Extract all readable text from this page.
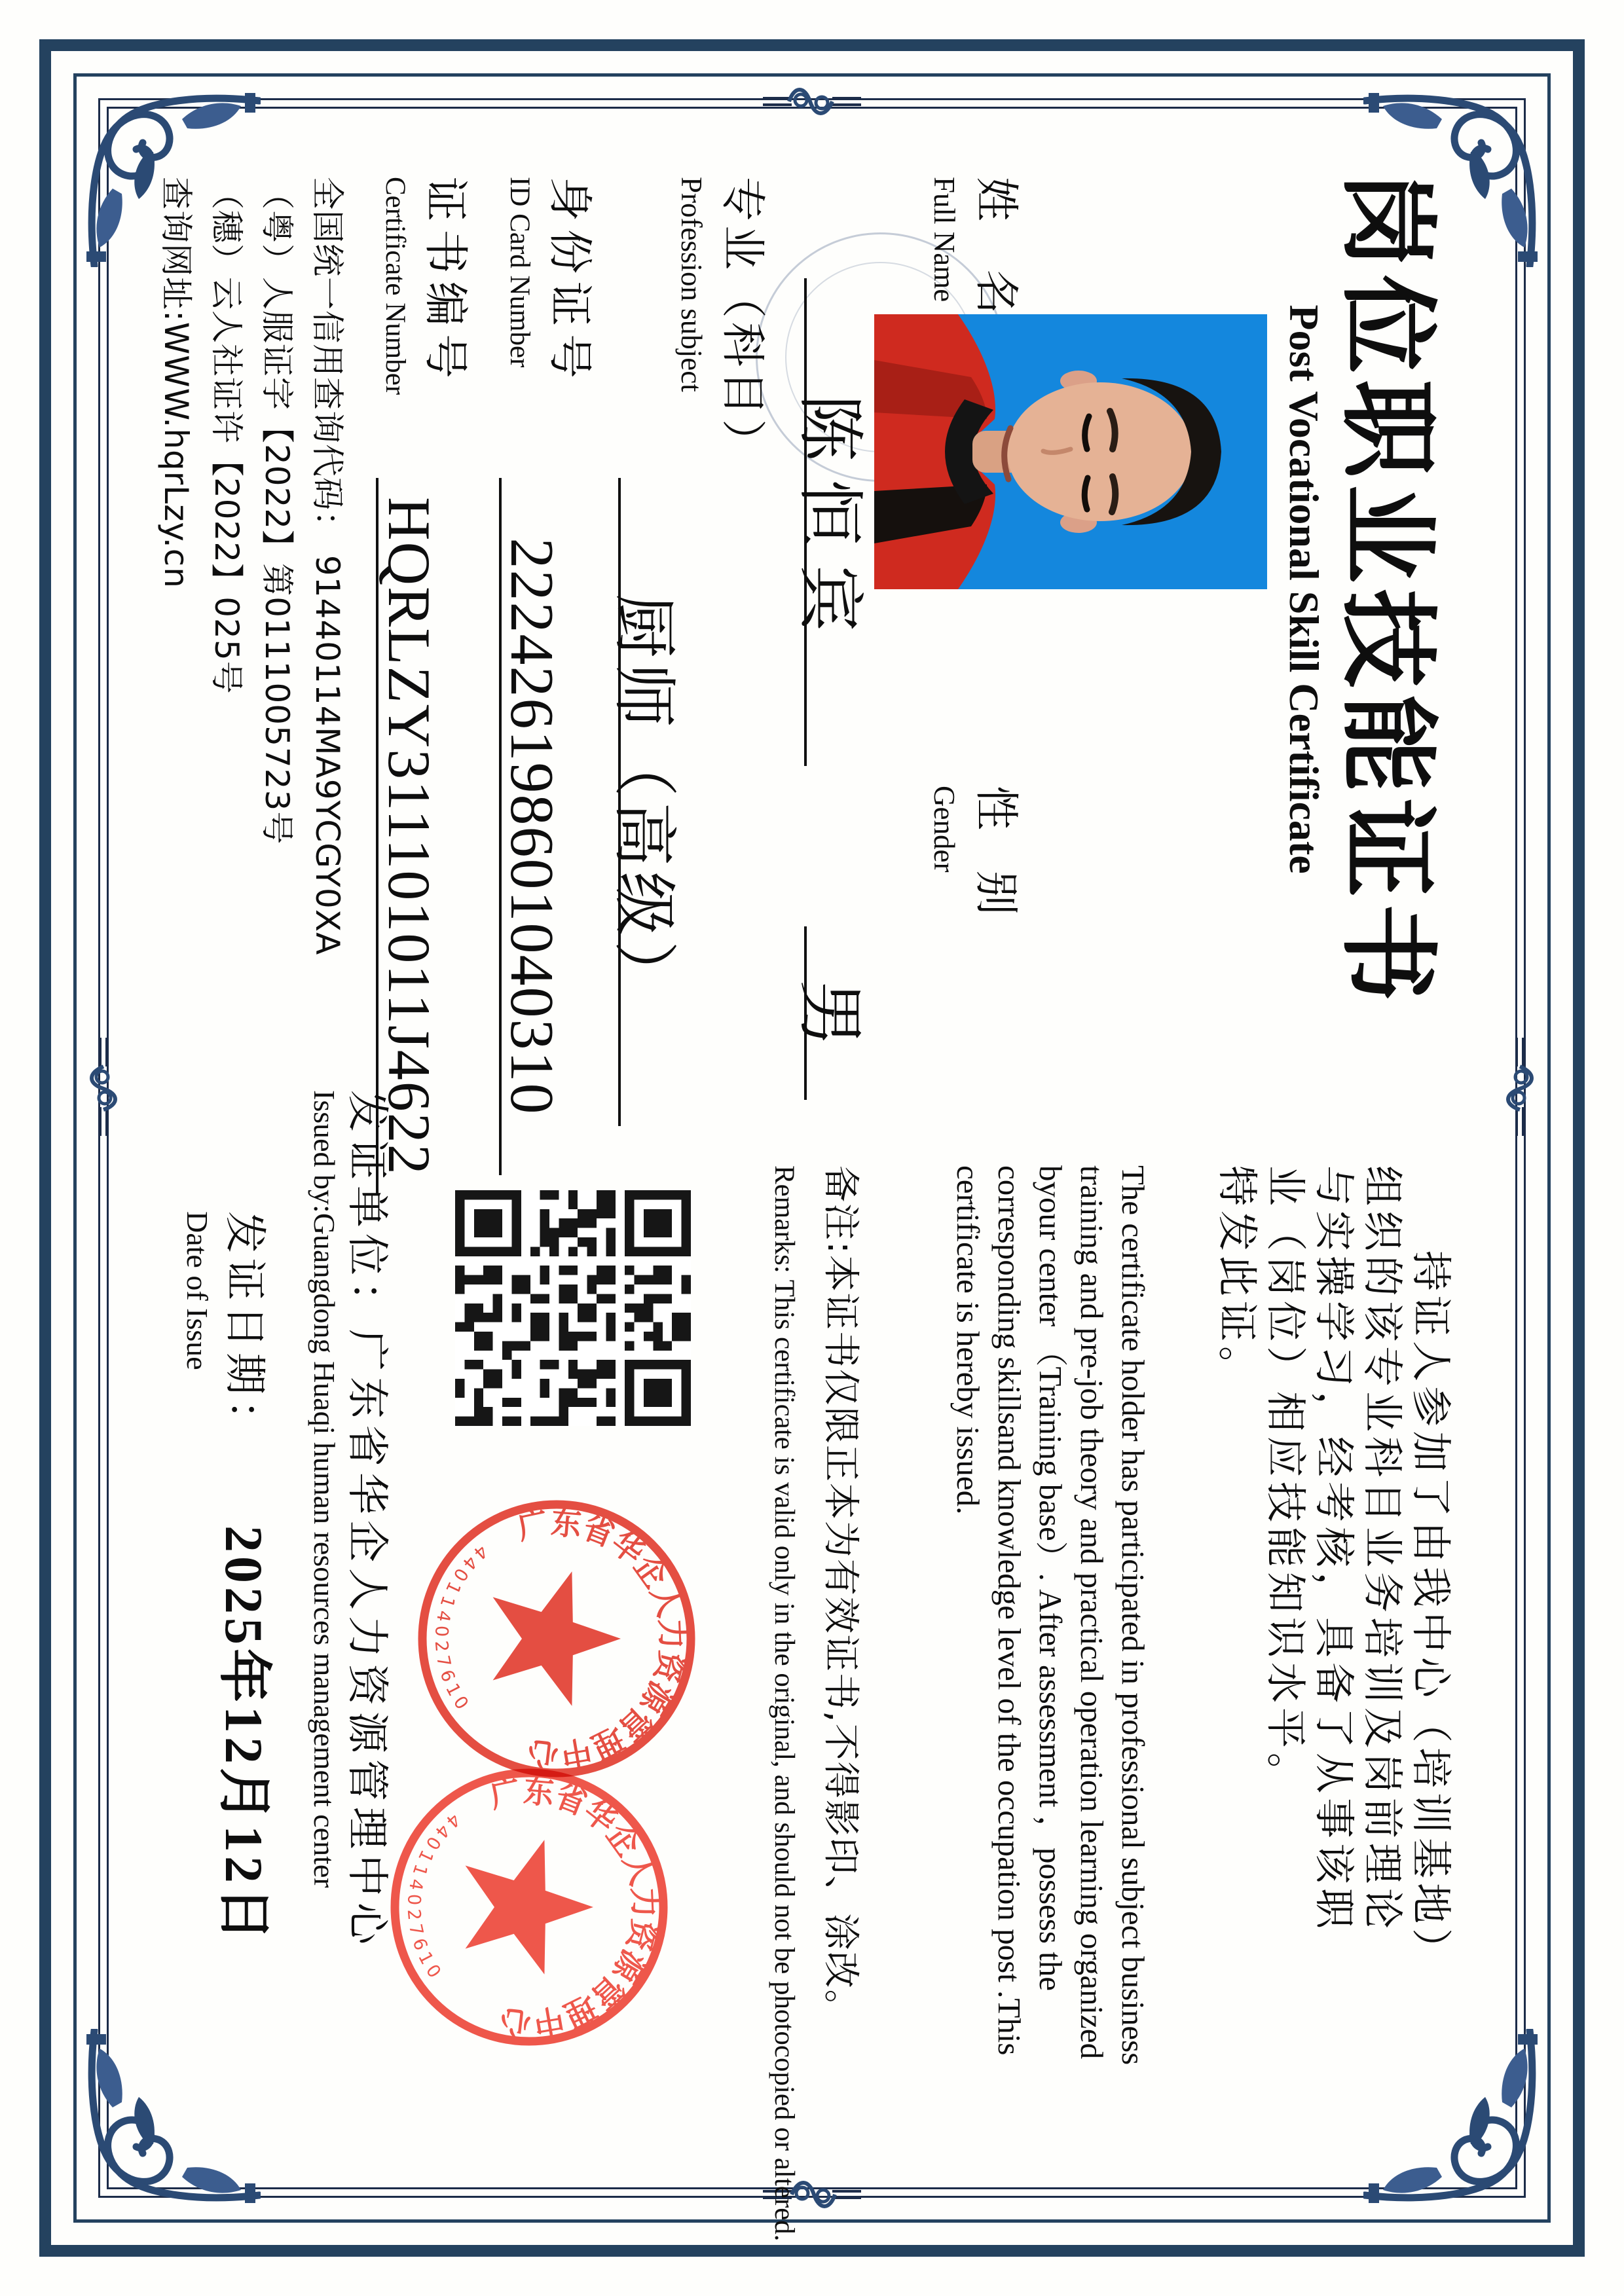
岗位职业技能证书
Post Vocational Skill Certificate
姓 名
Full Name
陈恒宾
性 别
Gender
男
专业（科目）
Profession subject
厨师（高级）
身份证号
ID Card Number
222426198601040310
证书编号
Certificate Number
HQRLZY311101011J4622
全国统一信用查询代码： 91440114MA9YCGY0XA
（粤）人服证字【2022】第0111005723号
（穗）云人社证许【2022】025号
查询网址:WWW.hqrLzy.cn
持证人参加了由我中心（培训基地）
组织的该专业科目业务培训及岗前理论
与实操学习，经考核，具备了从事该职
业（岗位）相应技能知识水平。
特发此证。
The certificate holder has participated in professional subject business
training and pre-job theory and practical operation learning organized
byour center （Training base）. After assessment ，possess the
corresponding skillsand knowledge level of the occupation post .This
certificate is hereby issued.
备注:本证书仅限正本为有效证书,不得影印、涂改。
Remarks: This certificate is valid only in the original, and should not be photocopied or altered.
广东省华企人力资源管理中心
440114027610
广东省华企人力资源管理中心
440114027610
发证单位：广东省华企人力资源管理中心
Issued by:Guangdong Huaqi human resources management center
发证日期：
Date of Issue
2025年12月12日
